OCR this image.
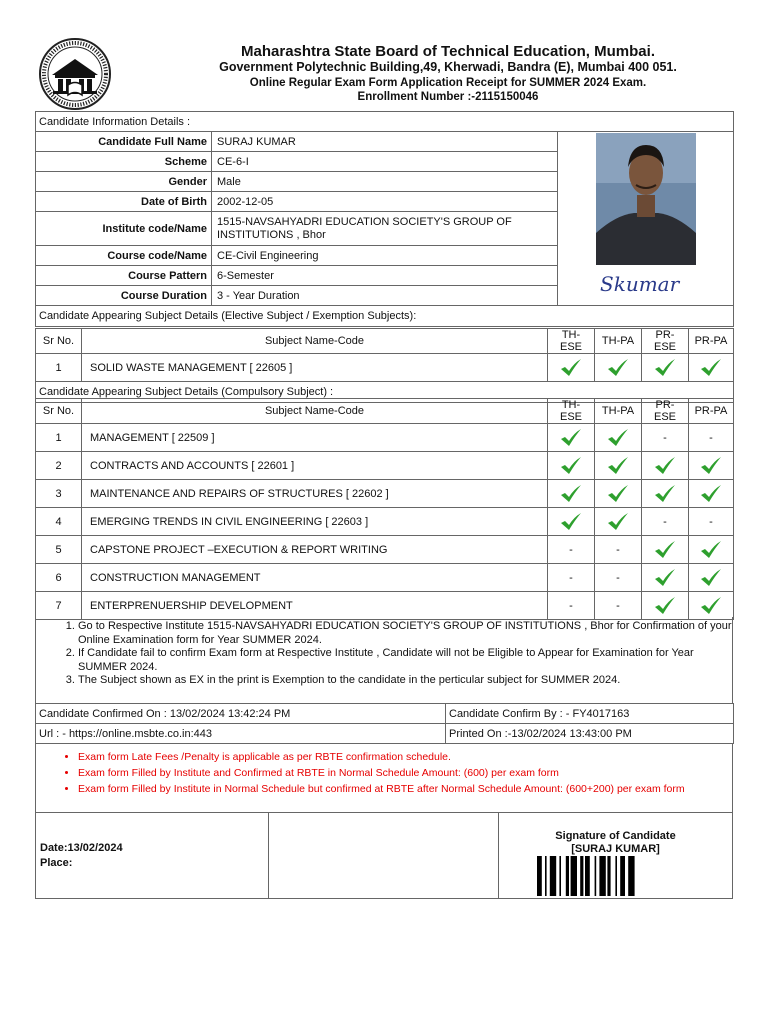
Maharashtra State Board of Technical Education, Mumbai.
Government Polytechnic Building,49, Kherwadi, Bandra (E), Mumbai 400 051.
Online Regular Exam Form Application Receipt for SUMMER 2024 Exam.
Enrollment Number :-2115150046
Candidate Information Details :		
Candidate Full Name	SURAJ KUMAR	Skumar

Scheme	CE-6-I	
Gender	Male	
Date of Birth	2002-12-05	
Institute code/Name	1515-NAVSAHYADRI EDUCATION SOCIETY'S GROUP OF INSTITUTIONS , Bhor	
Course code/Name	CE-Civil Engineering	
Course Pattern	6-Semester	
Course Duration	3 - Year Duration	
Candidate Appearing Subject Details (Elective Subject / Exemption Subjects):		
Sr No.	Subject Name-Code	TH-ESE	TH-PA	PR-ESE	PR-PA
1	SOLID WASTE MANAGEMENT [ 22605 ]				
Candidate Appearing Subject Details (Compulsory Subject) :					
Sr No.	Subject Name-Code	TH-ESE	TH-PA	PR-ESE	PR-PA
1	MANAGEMENT [ 22509 ]			-	-
2	CONTRACTS AND ACCOUNTS [ 22601 ]				
3	MAINTENANCE AND REPAIRS OF STRUCTURES [ 22602 ]				
4	EMERGING TRENDS IN CIVIL ENGINEERING [ 22603 ]			-	-
5	CAPSTONE PROJECT –EXECUTION & REPORT WRITING	-	-		
6	CONSTRUCTION MANAGEMENT	-	-		
7	ENTERPRENUERSHIP DEVELOPMENT	-	-		
1. Go to Respective Institute 1515-NAVSAHYADRI EDUCATION SOCIETY'S GROUP OF INSTITUTIONS , Bhor for Confirmation of your Online Examination form for Year SUMMER 2024.
2. If Candidate fail to confirm Exam form at Respective Institute , Candidate will not be Eligible to Appear for Examination for Year SUMMER 2024.
3. The Subject shown as EX in the print is Exemption to the candidate in the perticular subject for SUMMER 2024.
Candidate Confirmed On : 13/02/2024 13:42:24 PM	Candidate Confirm By : - FY4017163
Url : - https://online.msbte.co.in:443	Printed On :-13/02/2024 13:43:00 PM
• Exam form Late Fees /Penalty is applicable as per RBTE confirmation schedule.
• Exam form Filled by Institute and Confirmed at RBTE in Normal Schedule Amount: (600) per exam form
• Exam form Filled by Institute in Normal Schedule but confirmed at RBTE after Normal Schedule Amount: (600+200) per exam form
Date:13/02/2024
Place:
Signature of Candidate
[SURAJ KUMAR]
